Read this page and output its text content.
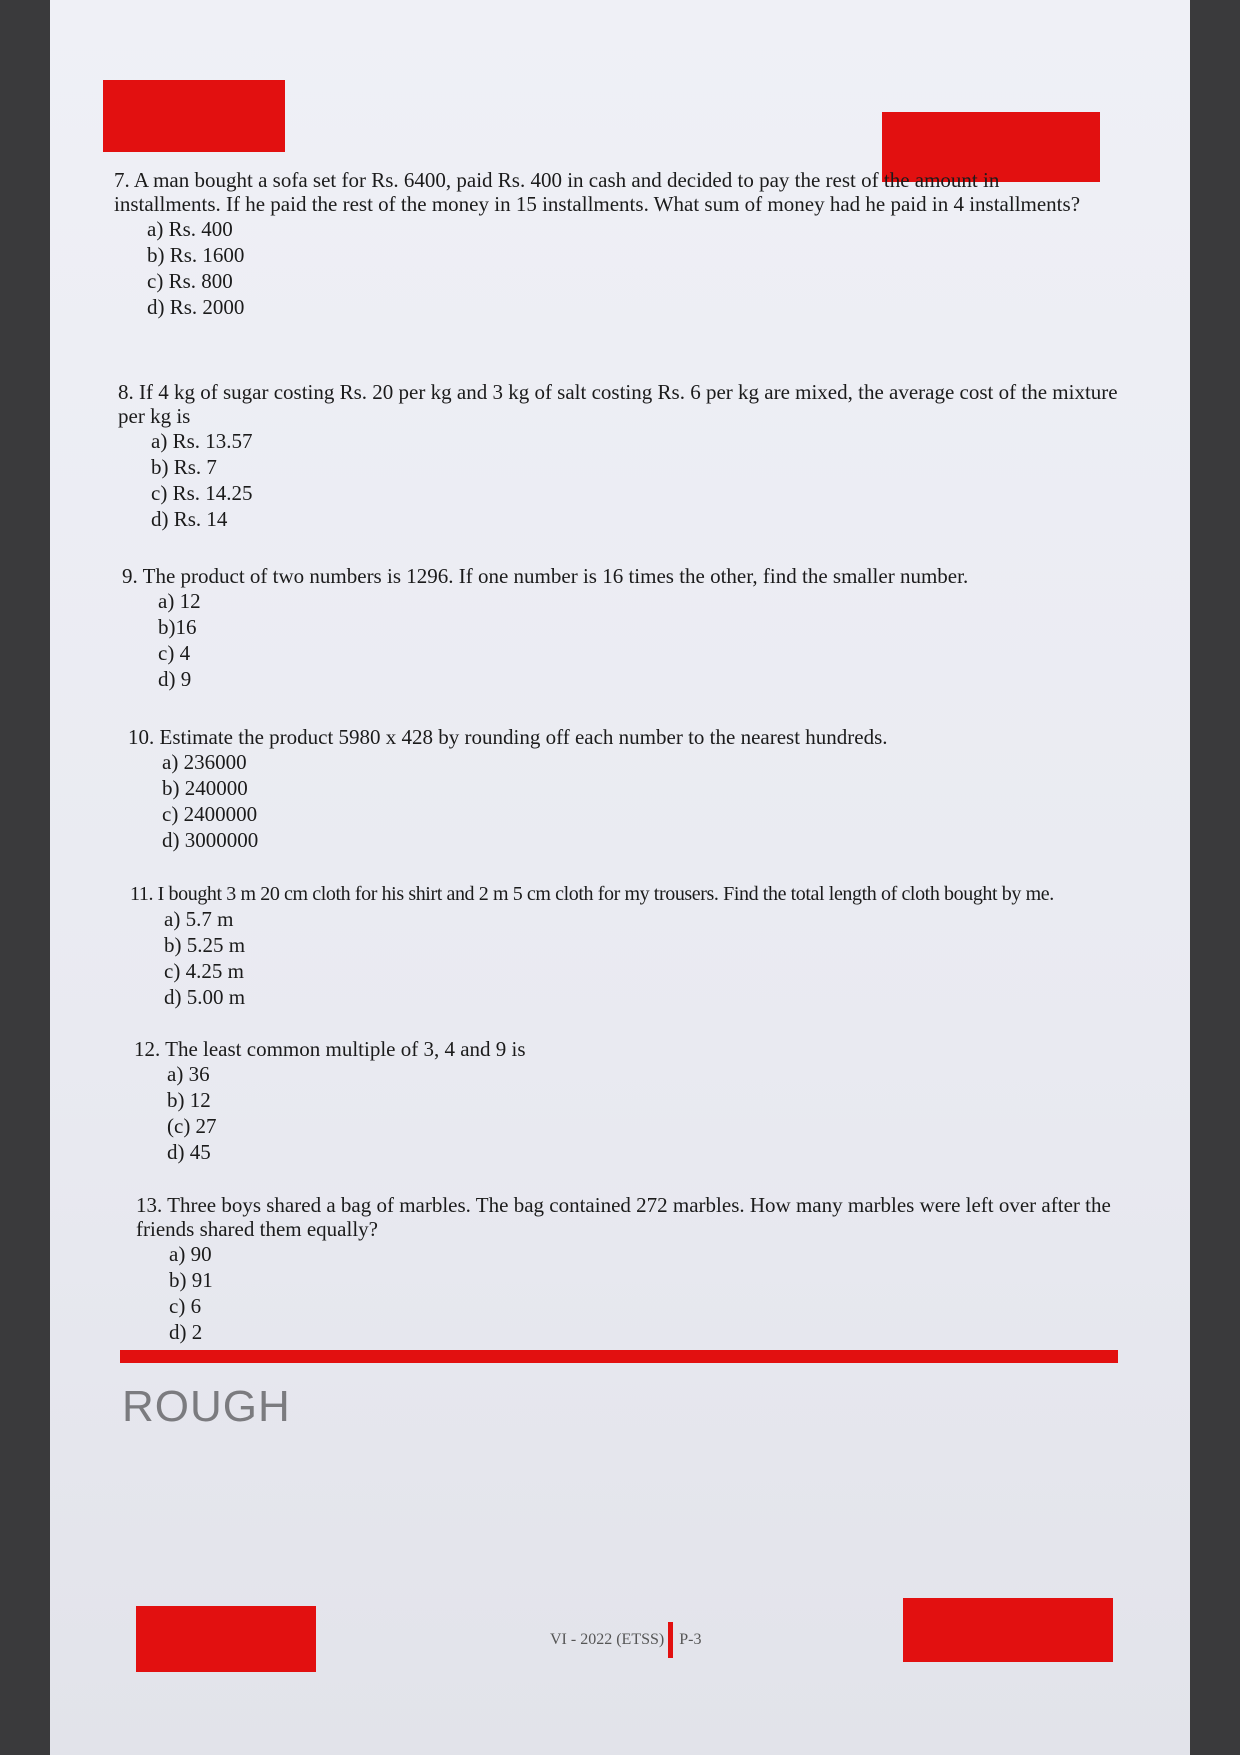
7. A man bought a sofa set for Rs. 6400, paid Rs. 400 in cash and decided to pay the rest of the amount in installments. If he paid the rest of the money in 15 installments. What sum of money had he paid in 4 installments?
a) Rs. 400
b) Rs. 1600
c) Rs. 800
d) Rs. 2000
8. If 4 kg of sugar costing Rs. 20 per kg and 3 kg of salt costing Rs. 6 per kg are mixed, the average cost of the mixture per kg is
a) Rs. 13.57
b) Rs. 7
c) Rs. 14.25
d) Rs. 14
9. The product of two numbers is 1296. If one number is 16 times the other, find the smaller number.
a) 12
b)16
c) 4
d) 9
10. Estimate the product 5980 x 428 by rounding off each number to the nearest hundreds.
a) 236000
b) 240000
c) 2400000
d) 3000000
11. I bought 3 m 20 cm cloth for his shirt and 2 m 5 cm cloth for my trousers. Find the total length of cloth bought by me.
a) 5.7 m
b) 5.25 m
c) 4.25 m
d) 5.00 m
12. The least common multiple of 3, 4 and 9 is
a) 36
b) 12
(c) 27
d) 45
13. Three boys shared a bag of marbles. The bag contained 272 marbles. How many marbles were left over after the friends shared them equally?
a) 90
b) 91
c) 6
d) 2
ROUGH
VI - 2022 (ETSS) P-3
